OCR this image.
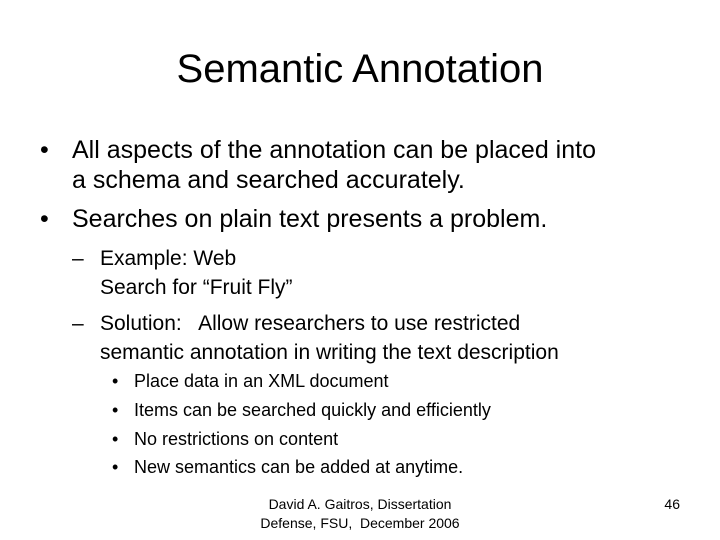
Semantic Annotation
• All aspects of the annotation can be placed into
a schema and searched accurately.
• Searches on plain text presents a problem.
– Example: Web
Search for “Fruit Fly”
– Solution:   Allow researchers to use restricted
semantic annotation in writing the text description
• Place data in an XML document
• Items can be searched quickly and efficiently
• No restrictions on content
• New semantics can be added at anytime.
David A. Gaitros, Dissertation
Defense, FSU,  December 2006
46
